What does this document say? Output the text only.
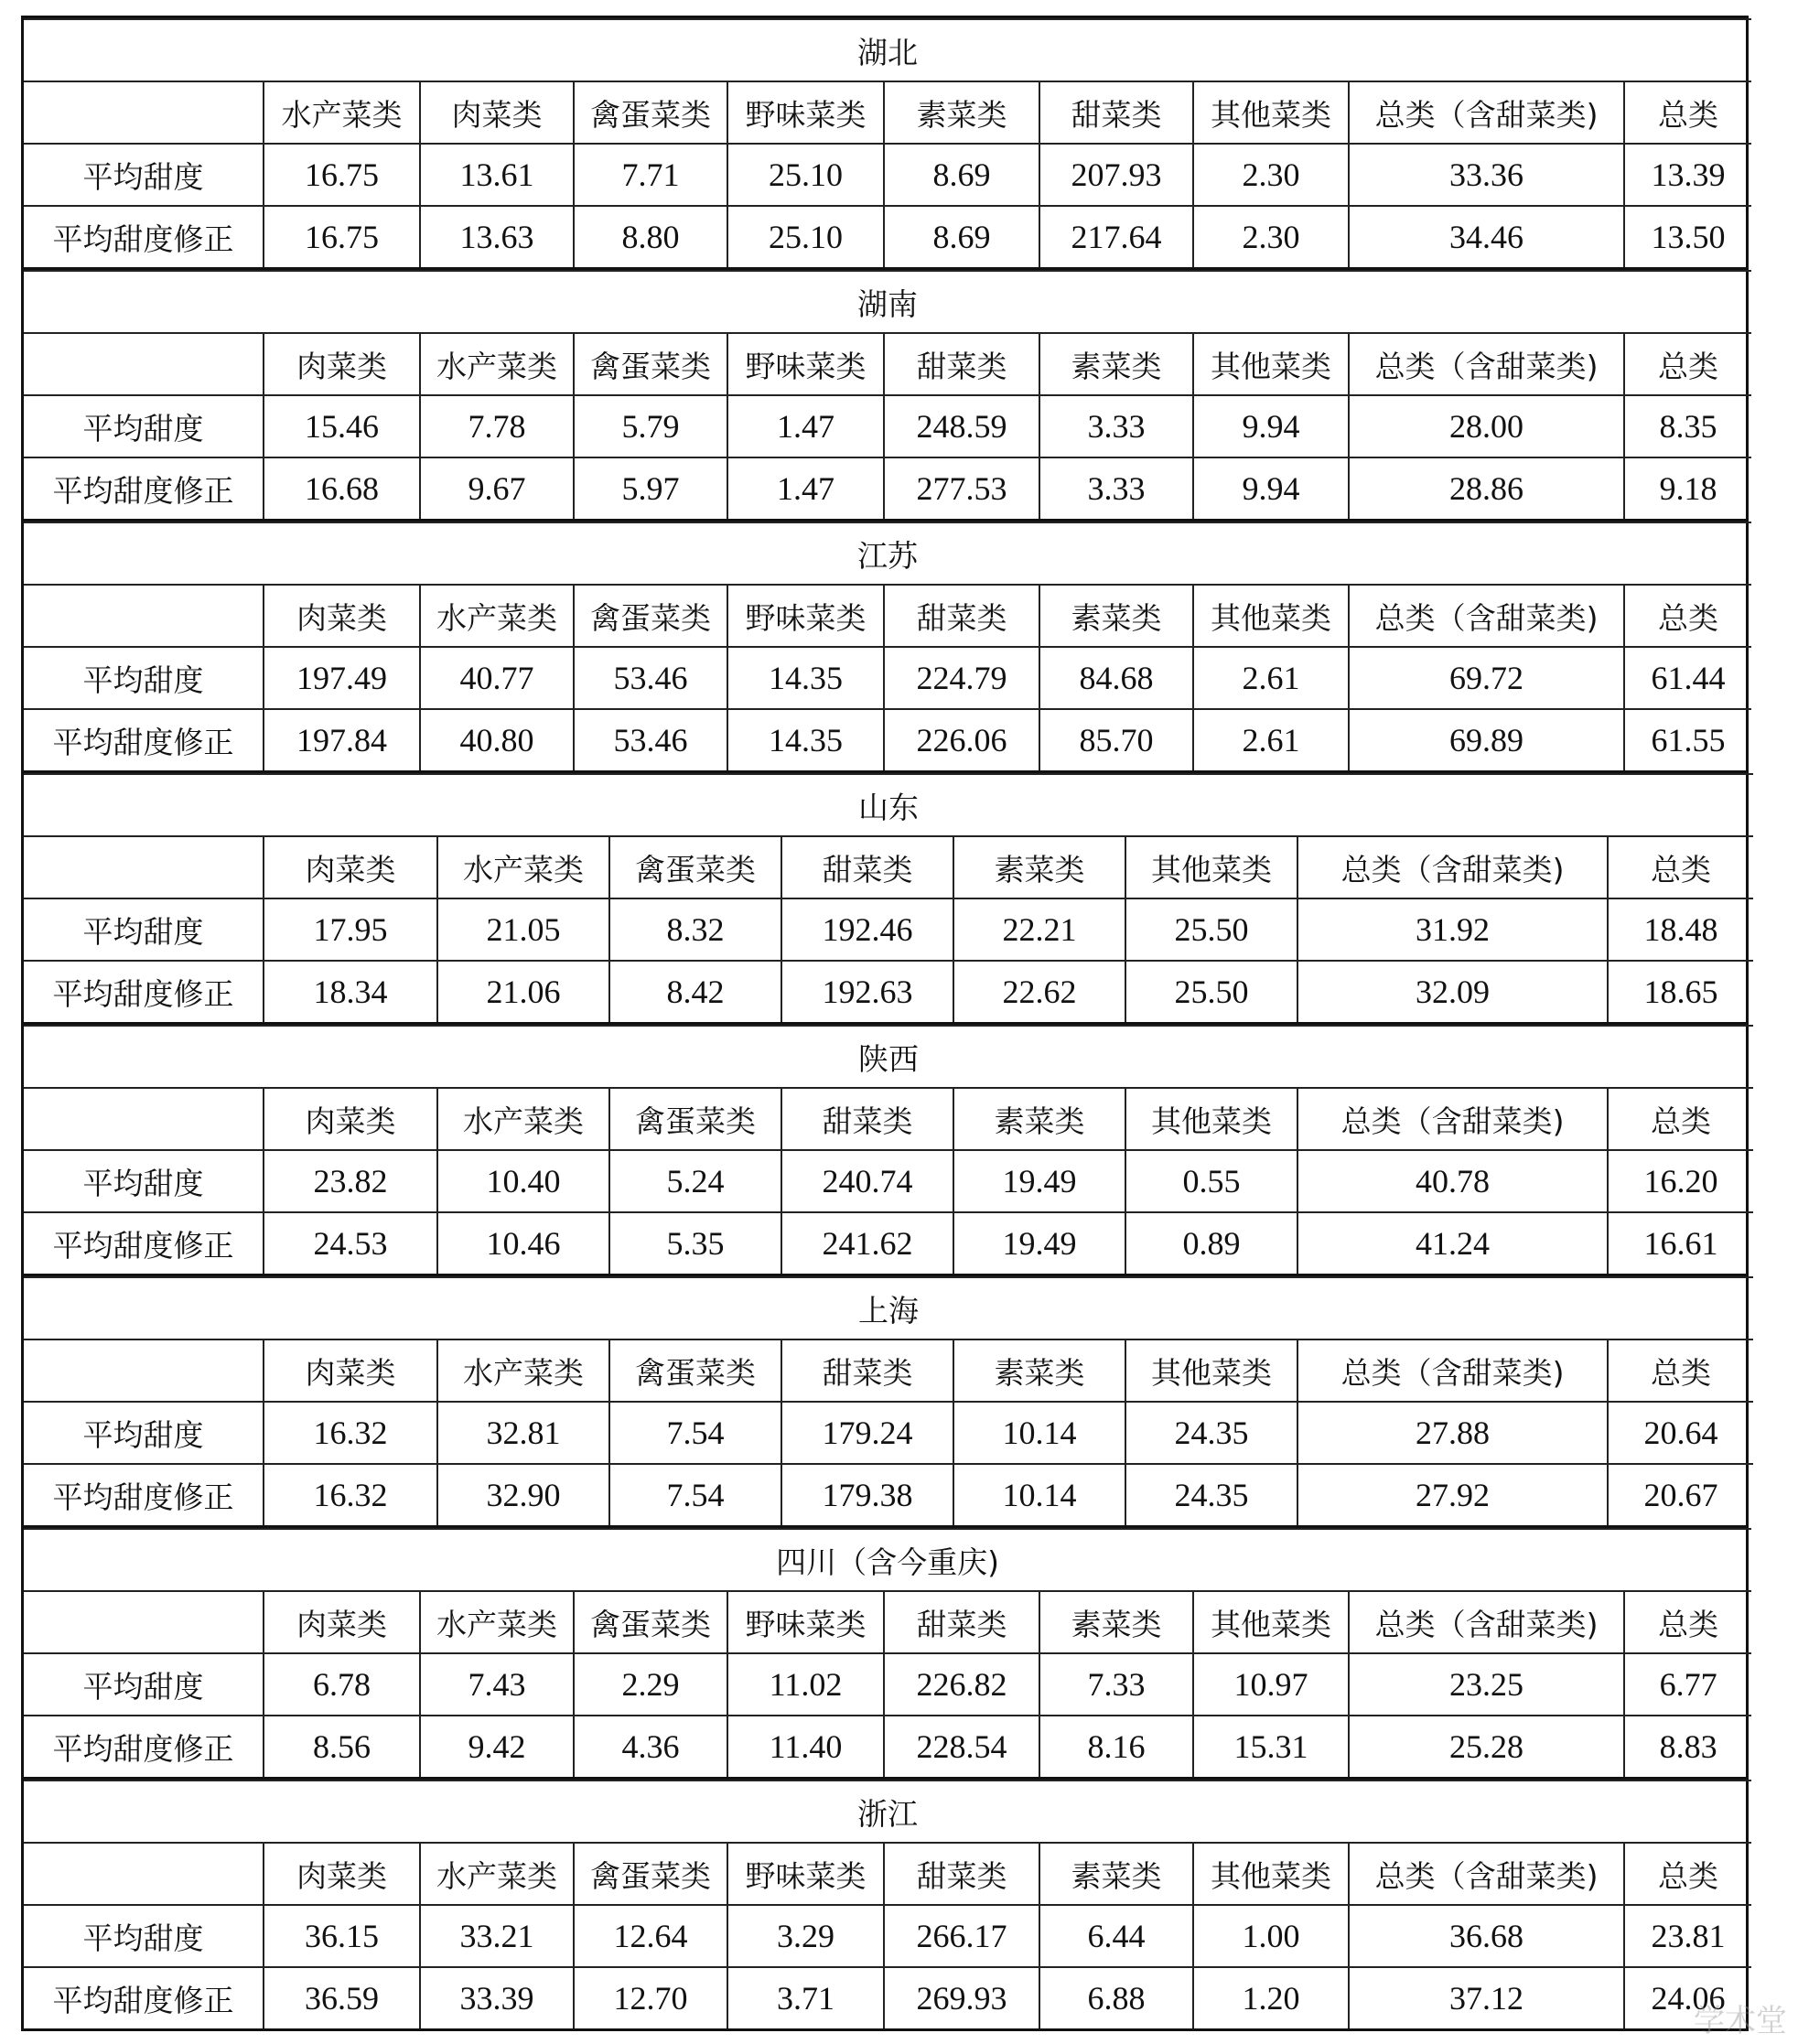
湖北									
	水产菜类	肉菜类	禽蛋菜类	野味菜类	素菜类	甜菜类	其他菜类	总类（含甜菜类)	总类
平均甜度	16.75	13.61	7.71	25.10	8.69	207.93	2.30	33.36	13.39
平均甜度修正	16.75	13.63	8.80	25.10	8.69	217.64	2.30	34.46	13.50
湖南									
	肉菜类	水产菜类	禽蛋菜类	野味菜类	甜菜类	素菜类	其他菜类	总类（含甜菜类)	总类
平均甜度	15.46	7.78	5.79	1.47	248.59	3.33	9.94	28.00	8.35
平均甜度修正	16.68	9.67	5.97	1.47	277.53	3.33	9.94	28.86	9.18
江苏									
	肉菜类	水产菜类	禽蛋菜类	野味菜类	甜菜类	素菜类	其他菜类	总类（含甜菜类)	总类
平均甜度	197.49	40.77	53.46	14.35	224.79	84.68	2.61	69.72	61.44
平均甜度修正	197.84	40.80	53.46	14.35	226.06	85.70	2.61	69.89	61.55
山东								
	肉菜类	水产菜类	禽蛋菜类	甜菜类	素菜类	其他菜类	总类（含甜菜类)	总类
平均甜度	17.95	21.05	8.32	192.46	22.21	25.50	31.92	18.48
平均甜度修正	18.34	21.06	8.42	192.63	22.62	25.50	32.09	18.65
陕西								
	肉菜类	水产菜类	禽蛋菜类	甜菜类	素菜类	其他菜类	总类（含甜菜类)	总类
平均甜度	23.82	10.40	5.24	240.74	19.49	0.55	40.78	16.20
平均甜度修正	24.53	10.46	5.35	241.62	19.49	0.89	41.24	16.61
上海								
	肉菜类	水产菜类	禽蛋菜类	甜菜类	素菜类	其他菜类	总类（含甜菜类)	总类
平均甜度	16.32	32.81	7.54	179.24	10.14	24.35	27.88	20.64
平均甜度修正	16.32	32.90	7.54	179.38	10.14	24.35	27.92	20.67
四川（含今重庆)									
	肉菜类	水产菜类	禽蛋菜类	野味菜类	甜菜类	素菜类	其他菜类	总类（含甜菜类)	总类
平均甜度	6.78	7.43	2.29	11.02	226.82	7.33	10.97	23.25	6.77
平均甜度修正	8.56	9.42	4.36	11.40	228.54	8.16	15.31	25.28	8.83
浙江									
	肉菜类	水产菜类	禽蛋菜类	野味菜类	甜菜类	素菜类	其他菜类	总类（含甜菜类)	总类
平均甜度	36.15	33.21	12.64	3.29	266.17	6.44	1.00	36.68	23.81
平均甜度修正	36.59	33.39	12.70	3.71	269.93	6.88	1.20	37.12	24.06
学术堂
